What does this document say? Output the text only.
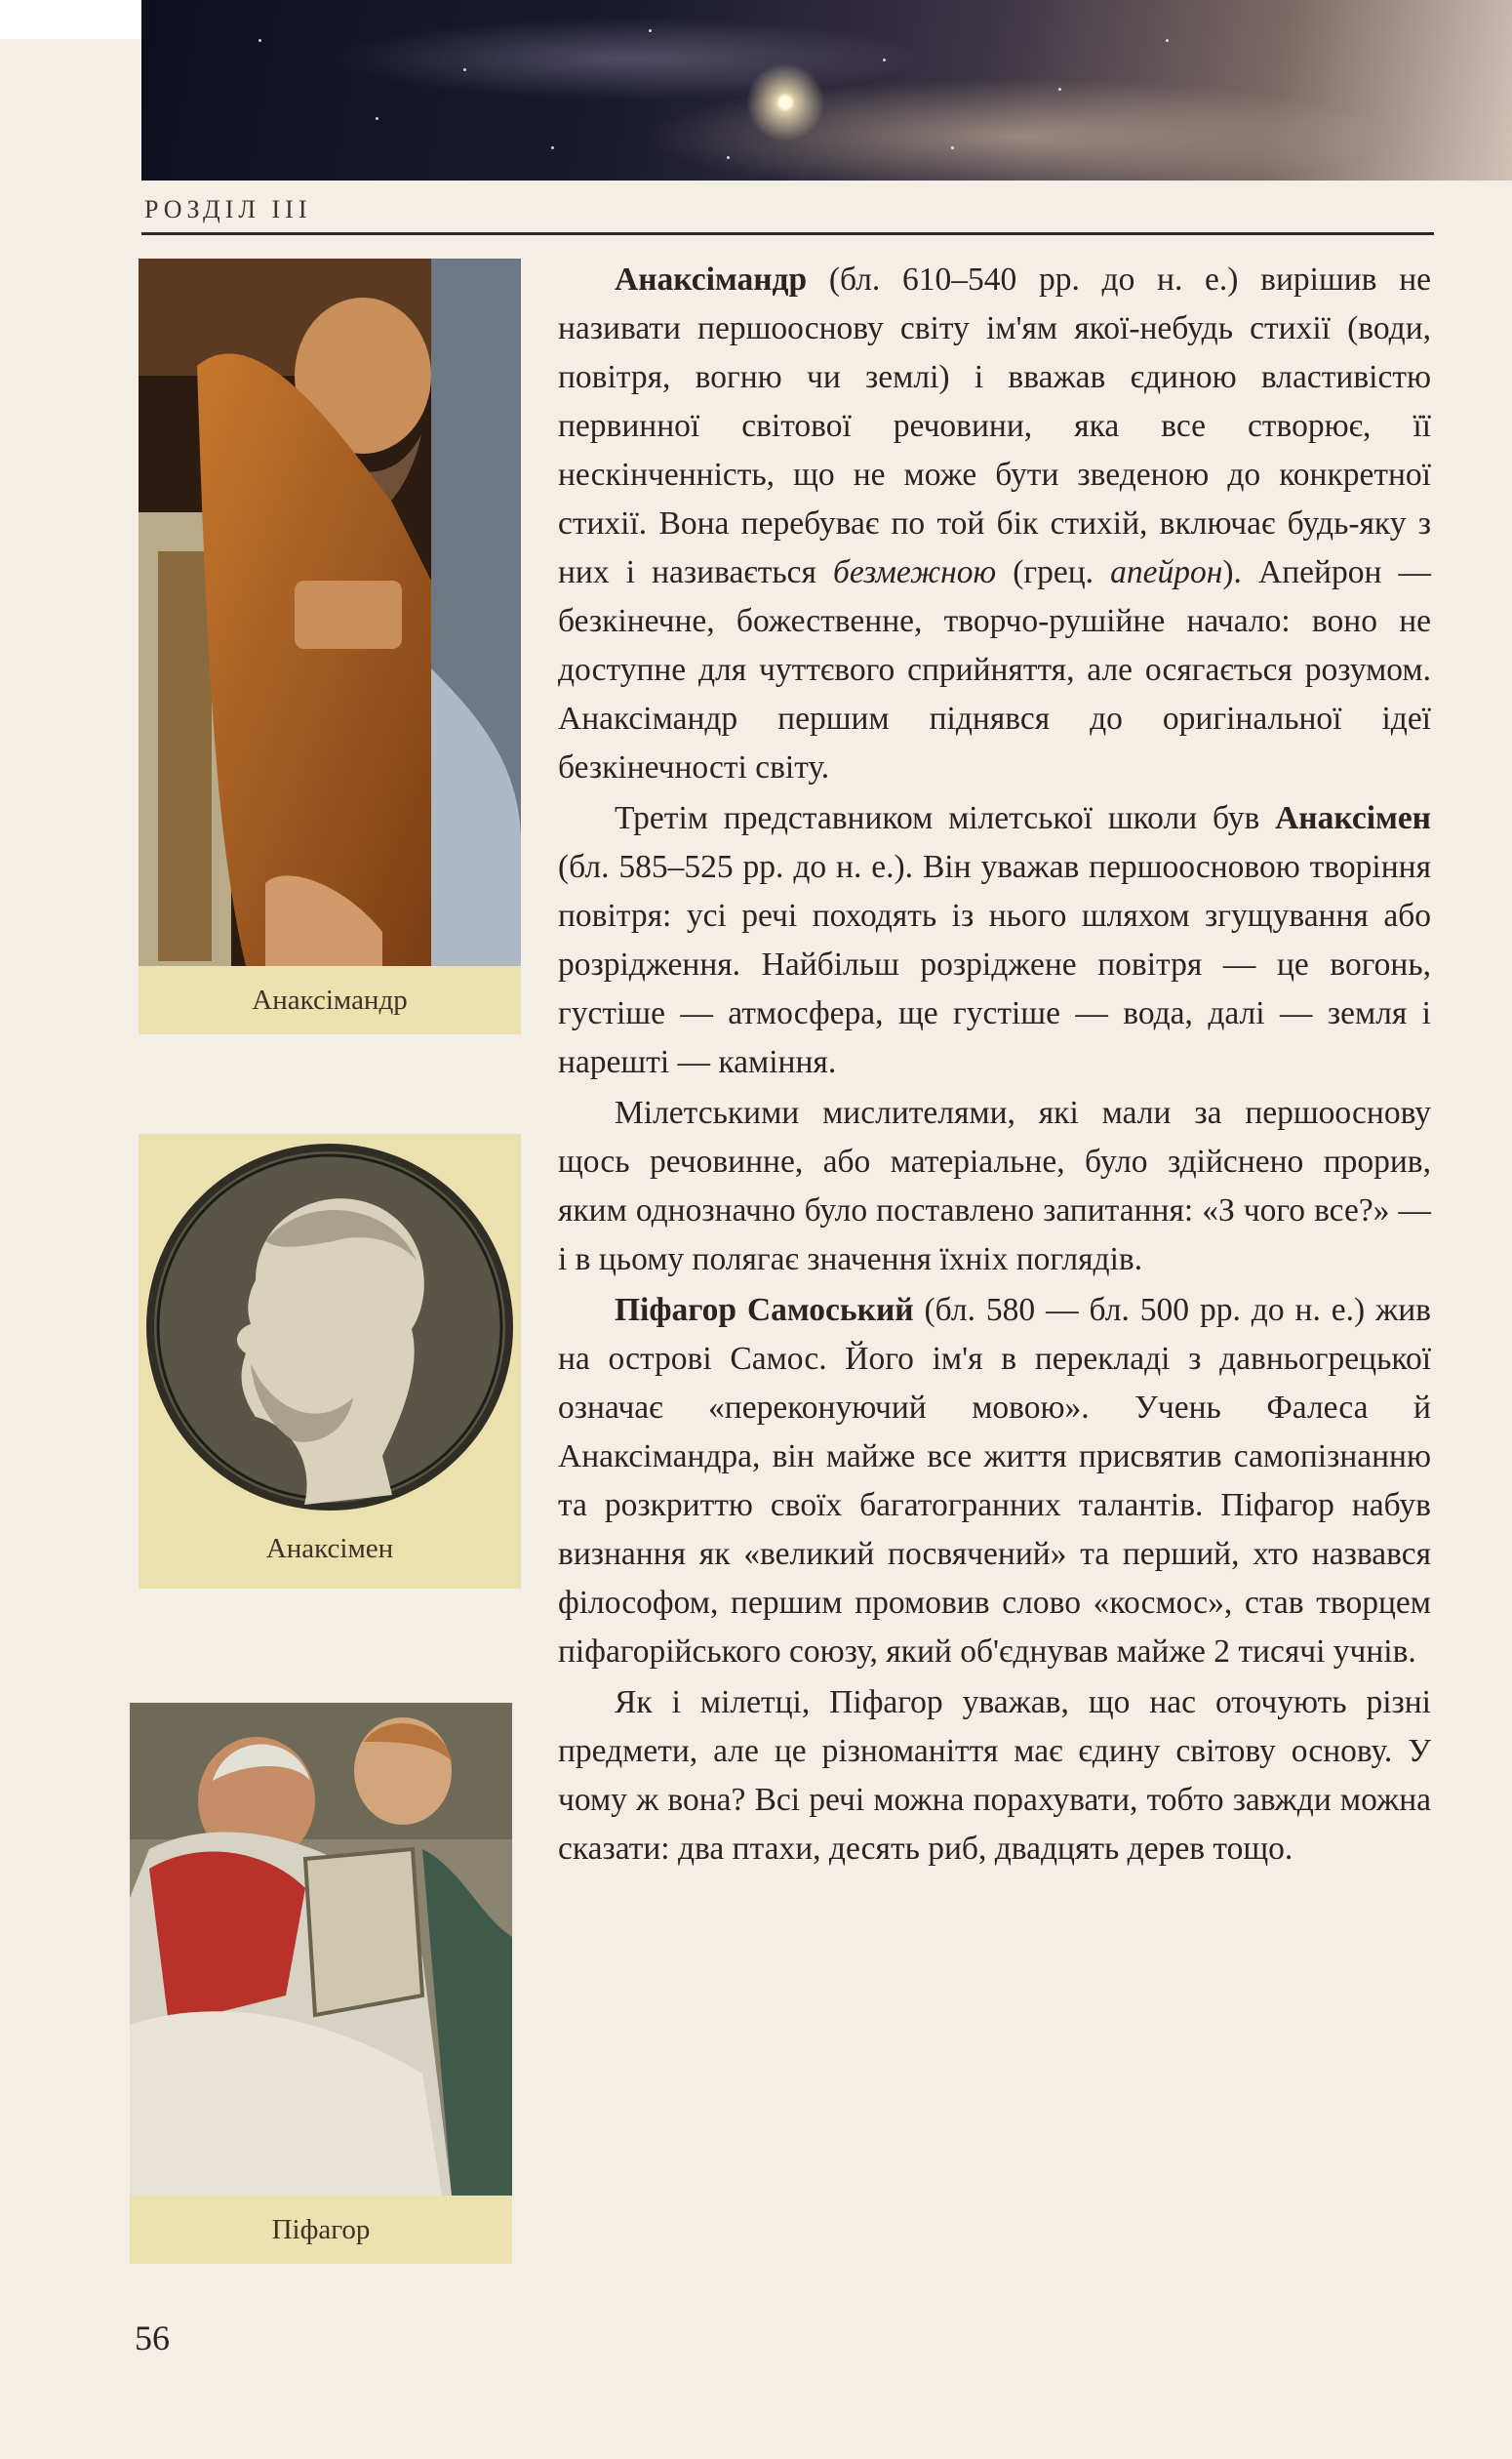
РОЗДІЛ ІІІ
Анаксімандр
Анаксімен
Піфагор

Анаксімандр (бл. 610–540 рр. до н. е.) вирішив не називати першооснову світу ім'ям якої-небудь стихії (води, повітря, вогню чи землі) і вважав єдиною властивістю первинної світової речовини, яка все створює, її нескінченність, що не може бути зведеною до конкретної стихії. Вона перебуває по той бік стихій, включає будь-яку з них і називається безмежною (грец. апейрон). Апейрон — безкінечне, божественне, творчо-рушійне начало: воно не доступне для чуттєвого сприйняття, але осягається розумом. Анаксімандр першим піднявся до оригінальної ідеї безкінечності світу.

Третім представником мілетської школи був Анаксімен (бл. 585–525 рр. до н. е.). Він уважав першоосновою творіння повітря: усі речі походять із нього шляхом згущування або розрідження. Найбільш розріджене повітря — це вогонь, густіше — атмосфера, ще густіше — вода, далі — земля і нарешті — каміння.

Мілетськими мислителями, які мали за першооснову щось речовинне, або матеріальне, було здійснено прорив, яким однозначно було поставлено запитання: «З чого все?» — і в цьому полягає значення їхніх поглядів.

Піфагор Самоський (бл. 580 — бл. 500 рр. до н. е.) жив на острові Самос. Його ім'я в перекладі з давньогрецької означає «переконуючий мовою». Учень Фалеса й Анаксімандра, він майже все життя присвятив самопізнанню та розкриттю своїх багатогранних талантів. Піфагор набув визнання як «великий посвячений» та перший, хто назвався філософом, першим промовив слово «космос», став творцем піфагорійського союзу, який об'єднував майже 2 тисячі учнів.

Як і мілетці, Піфагор уважав, що нас оточують різні предмети, але це різноманіття має єдину світову основу. У чому ж вона? Всі речі можна порахувати, тобто завжди можна сказати: два птахи, десять риб, двадцять дерев тощо.

56
